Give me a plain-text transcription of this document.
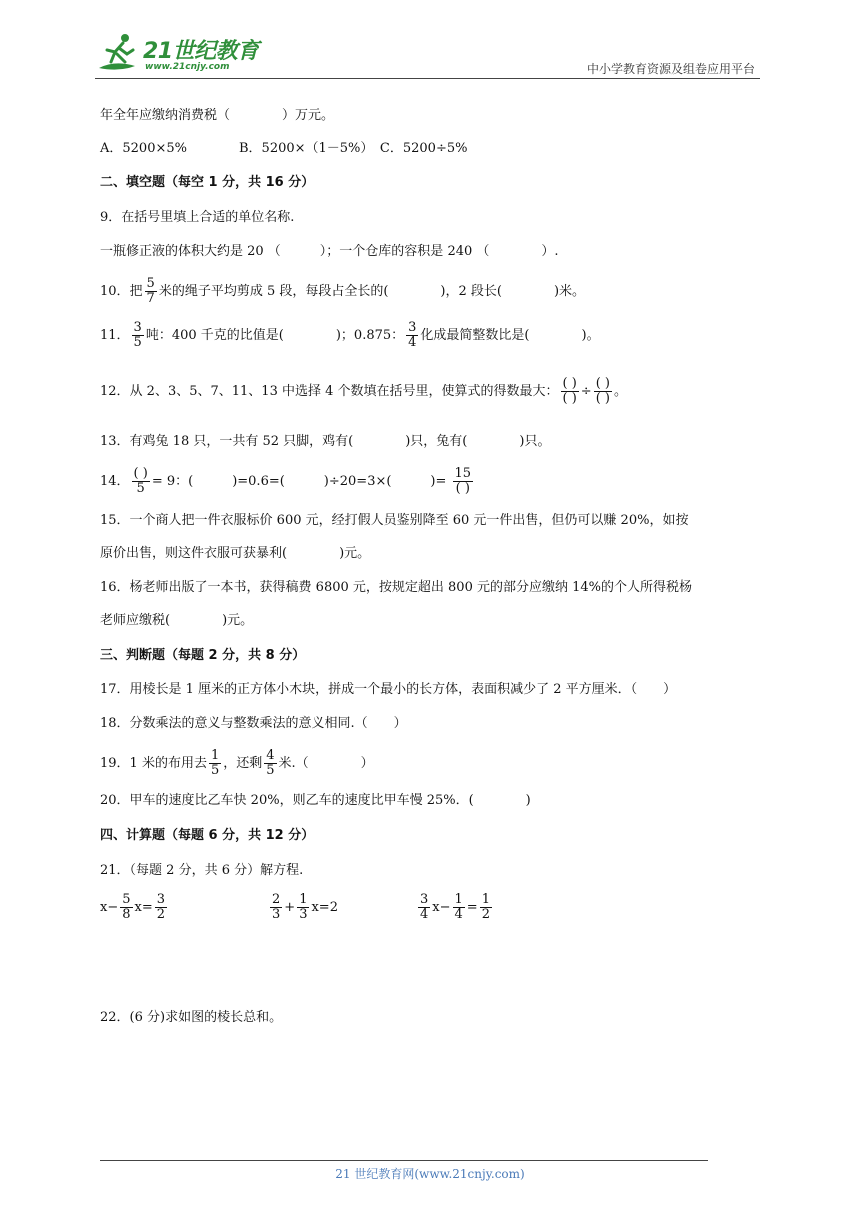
21世纪教育
www.21cnjy.com	中小学教育资源及组卷应用平台
年全年应缴纳消费税（　　　　）万元。
A．5200×5%　　　　B．5200×（1－5%）　C．5200÷5%
二、填空题（每空 1 分，共 16 分）
9．在括号里填上合适的单位名称.
一瓶修正液的体积大约是 20 （　　　）；一个仓库的容积是 240 （　　　　）.
10．把 $\frac{5}{7}$ 米的绳子平均剪成 5 段，每段占全长的(　　　　)，2 段长(　　　　)米。
11． $\frac{3}{5}$ 吨：400 千克的比值是(　　　　)；0.875： $\frac{3}{4}$ 化成最简整数比是(　　　　)。
12．从 2、3、5、7、11、13 中选择 4 个数填在括号里，使算式的得数最大： $\frac{( )}{( )} \div \frac{( )}{( )}$ 。
13．有鸡兔 18 只，一共有 52 只脚，鸡有(　　　　)只，兔有(　　　　)只。
14． $\frac{( )}{5} = 9$：(　　　)=0.6=(　　　)÷20=3×(　　　)= $\frac{15}{( )}$
15．一个商人把一件衣服标价 600 元，经打假人员鉴别降至 60 元一件出售，但仍可以赚 20%，如按
原价出售，则这件衣服可获暴利(　　　　)元。
16．杨老师出版了一本书，获得稿费 6800 元，按规定超出 800 元的部分应缴纳 14%的个人所得税杨
老师应缴税(　　　　)元。
三、判断题（每题 2 分，共 8 分）
17．用棱长是 1 厘米的正方体小木块，拼成一个最小的长方体，表面积减少了 2 平方厘米．（　　）
18．分数乘法的意义与整数乘法的意义相同.（　　）
19．1 米的布用去 $\frac{1}{5}$ ，还剩 $\frac{4}{5}$ 米.（　　　　）
20．甲车的速度比乙车快 20%，则乙车的速度比甲车慢 25%．(　　　　)
四、计算题（每题 6 分，共 12 分）
21．（每题 2 分，共 6 分）解方程.
$x- \frac{5}{8} x= \frac{3}{2}$	$\frac{2}{3} + \frac{1}{3} x=2$	$\frac{3}{4} x- \frac{1}{4} = \frac{1}{2}$
22．(6 分)求如图的棱长总和。
21 世纪教育网(www.21cnjy.com)
